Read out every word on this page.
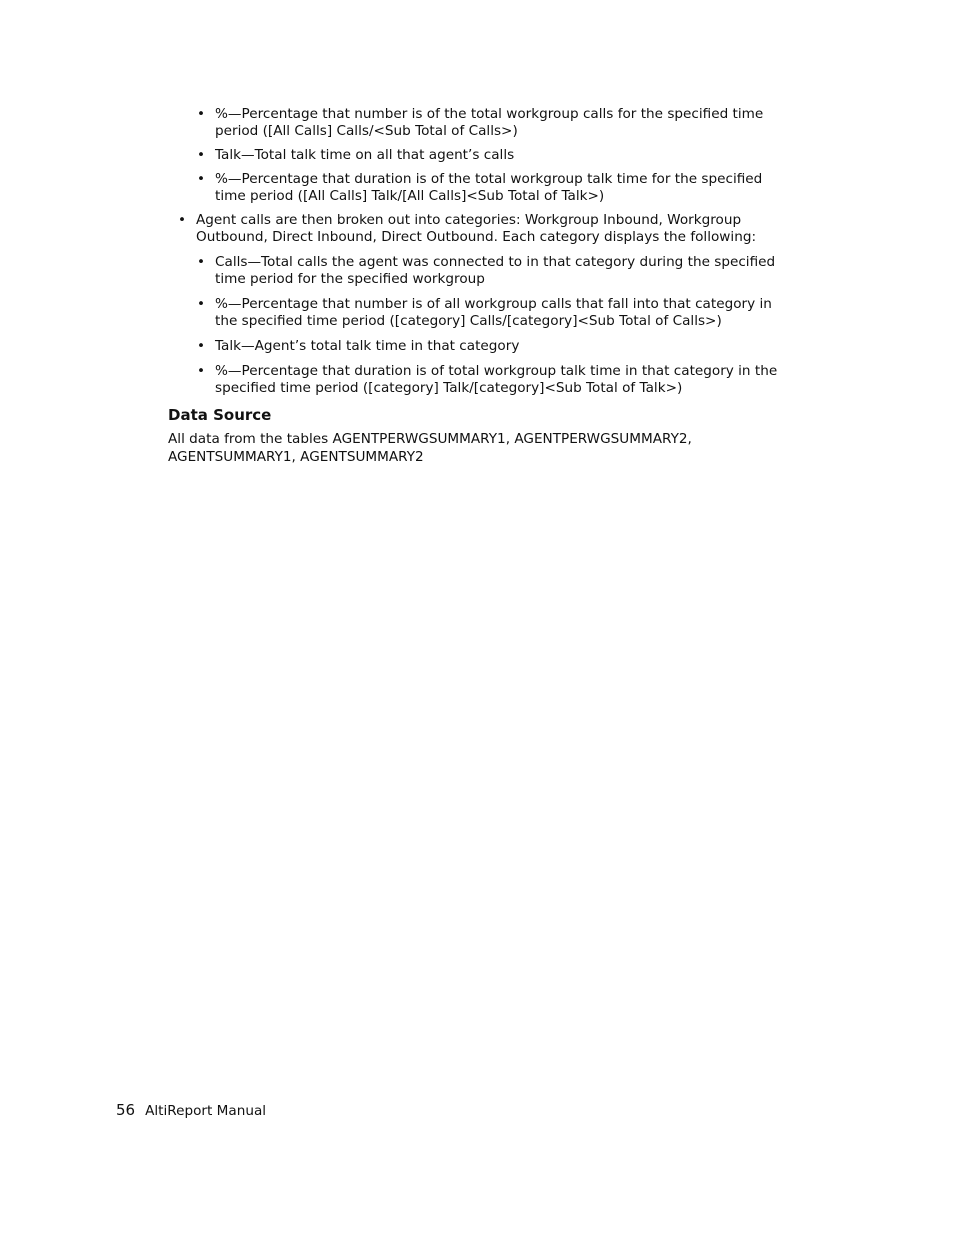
• %—Percentage that number is of the total workgroup calls for the specified time period ([All Calls] Calls/<Sub Total of Calls>)
• Talk—Total talk time on all that agent’s calls
• %—Percentage that duration is of the total workgroup talk time for the specified time period ([All Calls] Talk/[All Calls]<Sub Total of Talk>)
• Agent calls are then broken out into categories: Workgroup Inbound, Workgroup Outbound, Direct Inbound, Direct Outbound. Each category displays the following:
• Calls—Total calls the agent was connected to in that category during the specified time period for the specified workgroup
• %—Percentage that number is of all workgroup calls that fall into that category in the specified time period ([category] Calls/[category]<Sub Total of Calls>)
• Talk—Agent’s total talk time in that category
• %—Percentage that duration is of total workgroup talk time in that category in the specified time period ([category] Talk/[category]<Sub Total of Talk>)
Data Source

All data from the tables AGENTPERWGSUMMARY1, AGENTPERWGSUMMARY2, AGENTSUMMARY1, AGENTSUMMARY2

56 AltiReport Manual
